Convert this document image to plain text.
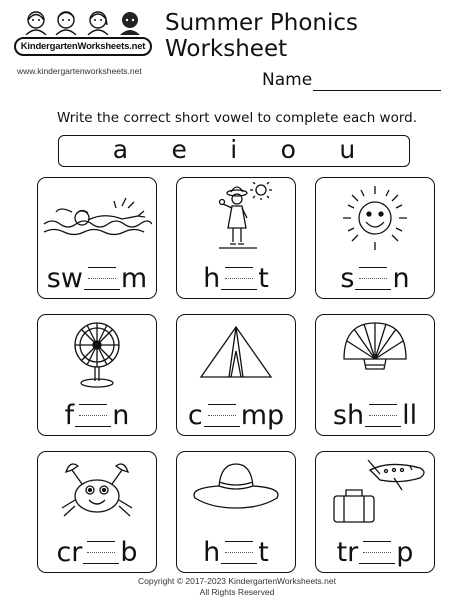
KindergartenWorksheets.net
www.kindergartenworksheets.net
Summer Phonics Worksheet
Name
Write the correct short vowel to complete each word.
a e i o u
sw m h t	s n
f n c mp sh ll
cr b h t	tr p
Copyright © 2017-2023 KindergartenWorksheets.net
All Rights Reserved
